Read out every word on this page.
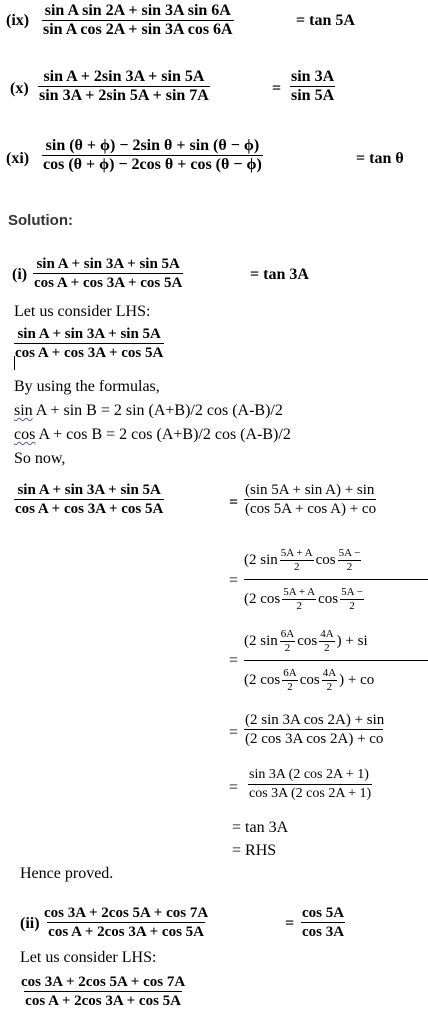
$(ix) \frac{\text{sin A sin 2A + sin 3A sin 6A}}{\text{sin A cos 2A + sin 3A cos 6A}}$	= tan 5A
$(x) \frac{\text{sin A + 2sin 3A + sin 5A}}{\sin 3A + 2\sin 5A + \sin 7A}$	= $\frac{\sin 3A}{\sin 5A}$
$(xi) \frac{\text{sin (θ + ϕ) − 2sin θ + sin (θ − ϕ)}}{\text{cos (θ + ϕ) − 2cos θ + cos (θ − ϕ)}}$	= tan θ
Solution:
$(i) \frac{\text{sin A + sin 3A + sin 5A}}{\text{cos A + cos 3A + cos 5A}}$	= tan 3A
Let us consider LHS:
$\frac{\text{sin A + sin 3A + sin 5A}}{\text{cos A + cos 3A + cos 5A}}$
By using the formulas,
sin A + sin B = 2 sin (A+B)/2 cos (A-B)/2
cos A + cos B = 2 cos (A+B)/2 cos (A-B)/2
So now,
$\frac{\text{sin A + sin 3A + sin 5A}}{\text{cos A + cos 3A + cos 5A}}$	= $\frac{\text{(sin 5A + sin A) + sin}}{\text{(cos 5A + cos A) + co}}$
=
(2 sin 5A + A
2 cos 5A −
2
(2 cos 5A + A
2 cos 5A −
2
=
(2 sin 6A
2 cos 4A
2 ) + si
(2 cos 6A
2 cos 4A
2 ) + co
= $\frac{\text{(2 sin 3A cos 2A) + sin}}{\text{(2 cos 3A cos 2A) + co}}$
= $\frac{\sin 3A (2 \cos 2A + 1)}{\cos 3A (2 \cos 2A + 1)}$
= tan 3A
= RHS
Hence proved.
$(ii) \frac{\cos 3A + 2\cos 5A + \cos 7A}{\text{cos A + 2cos 3A + cos 5A}}$	= $\frac{\cos 5A}{\cos 3A}$
Let us consider LHS:
$\frac{\cos 3A + 2\cos 5A + \cos 7A}{\text{cos A + 2cos 3A + cos 5A}}$
